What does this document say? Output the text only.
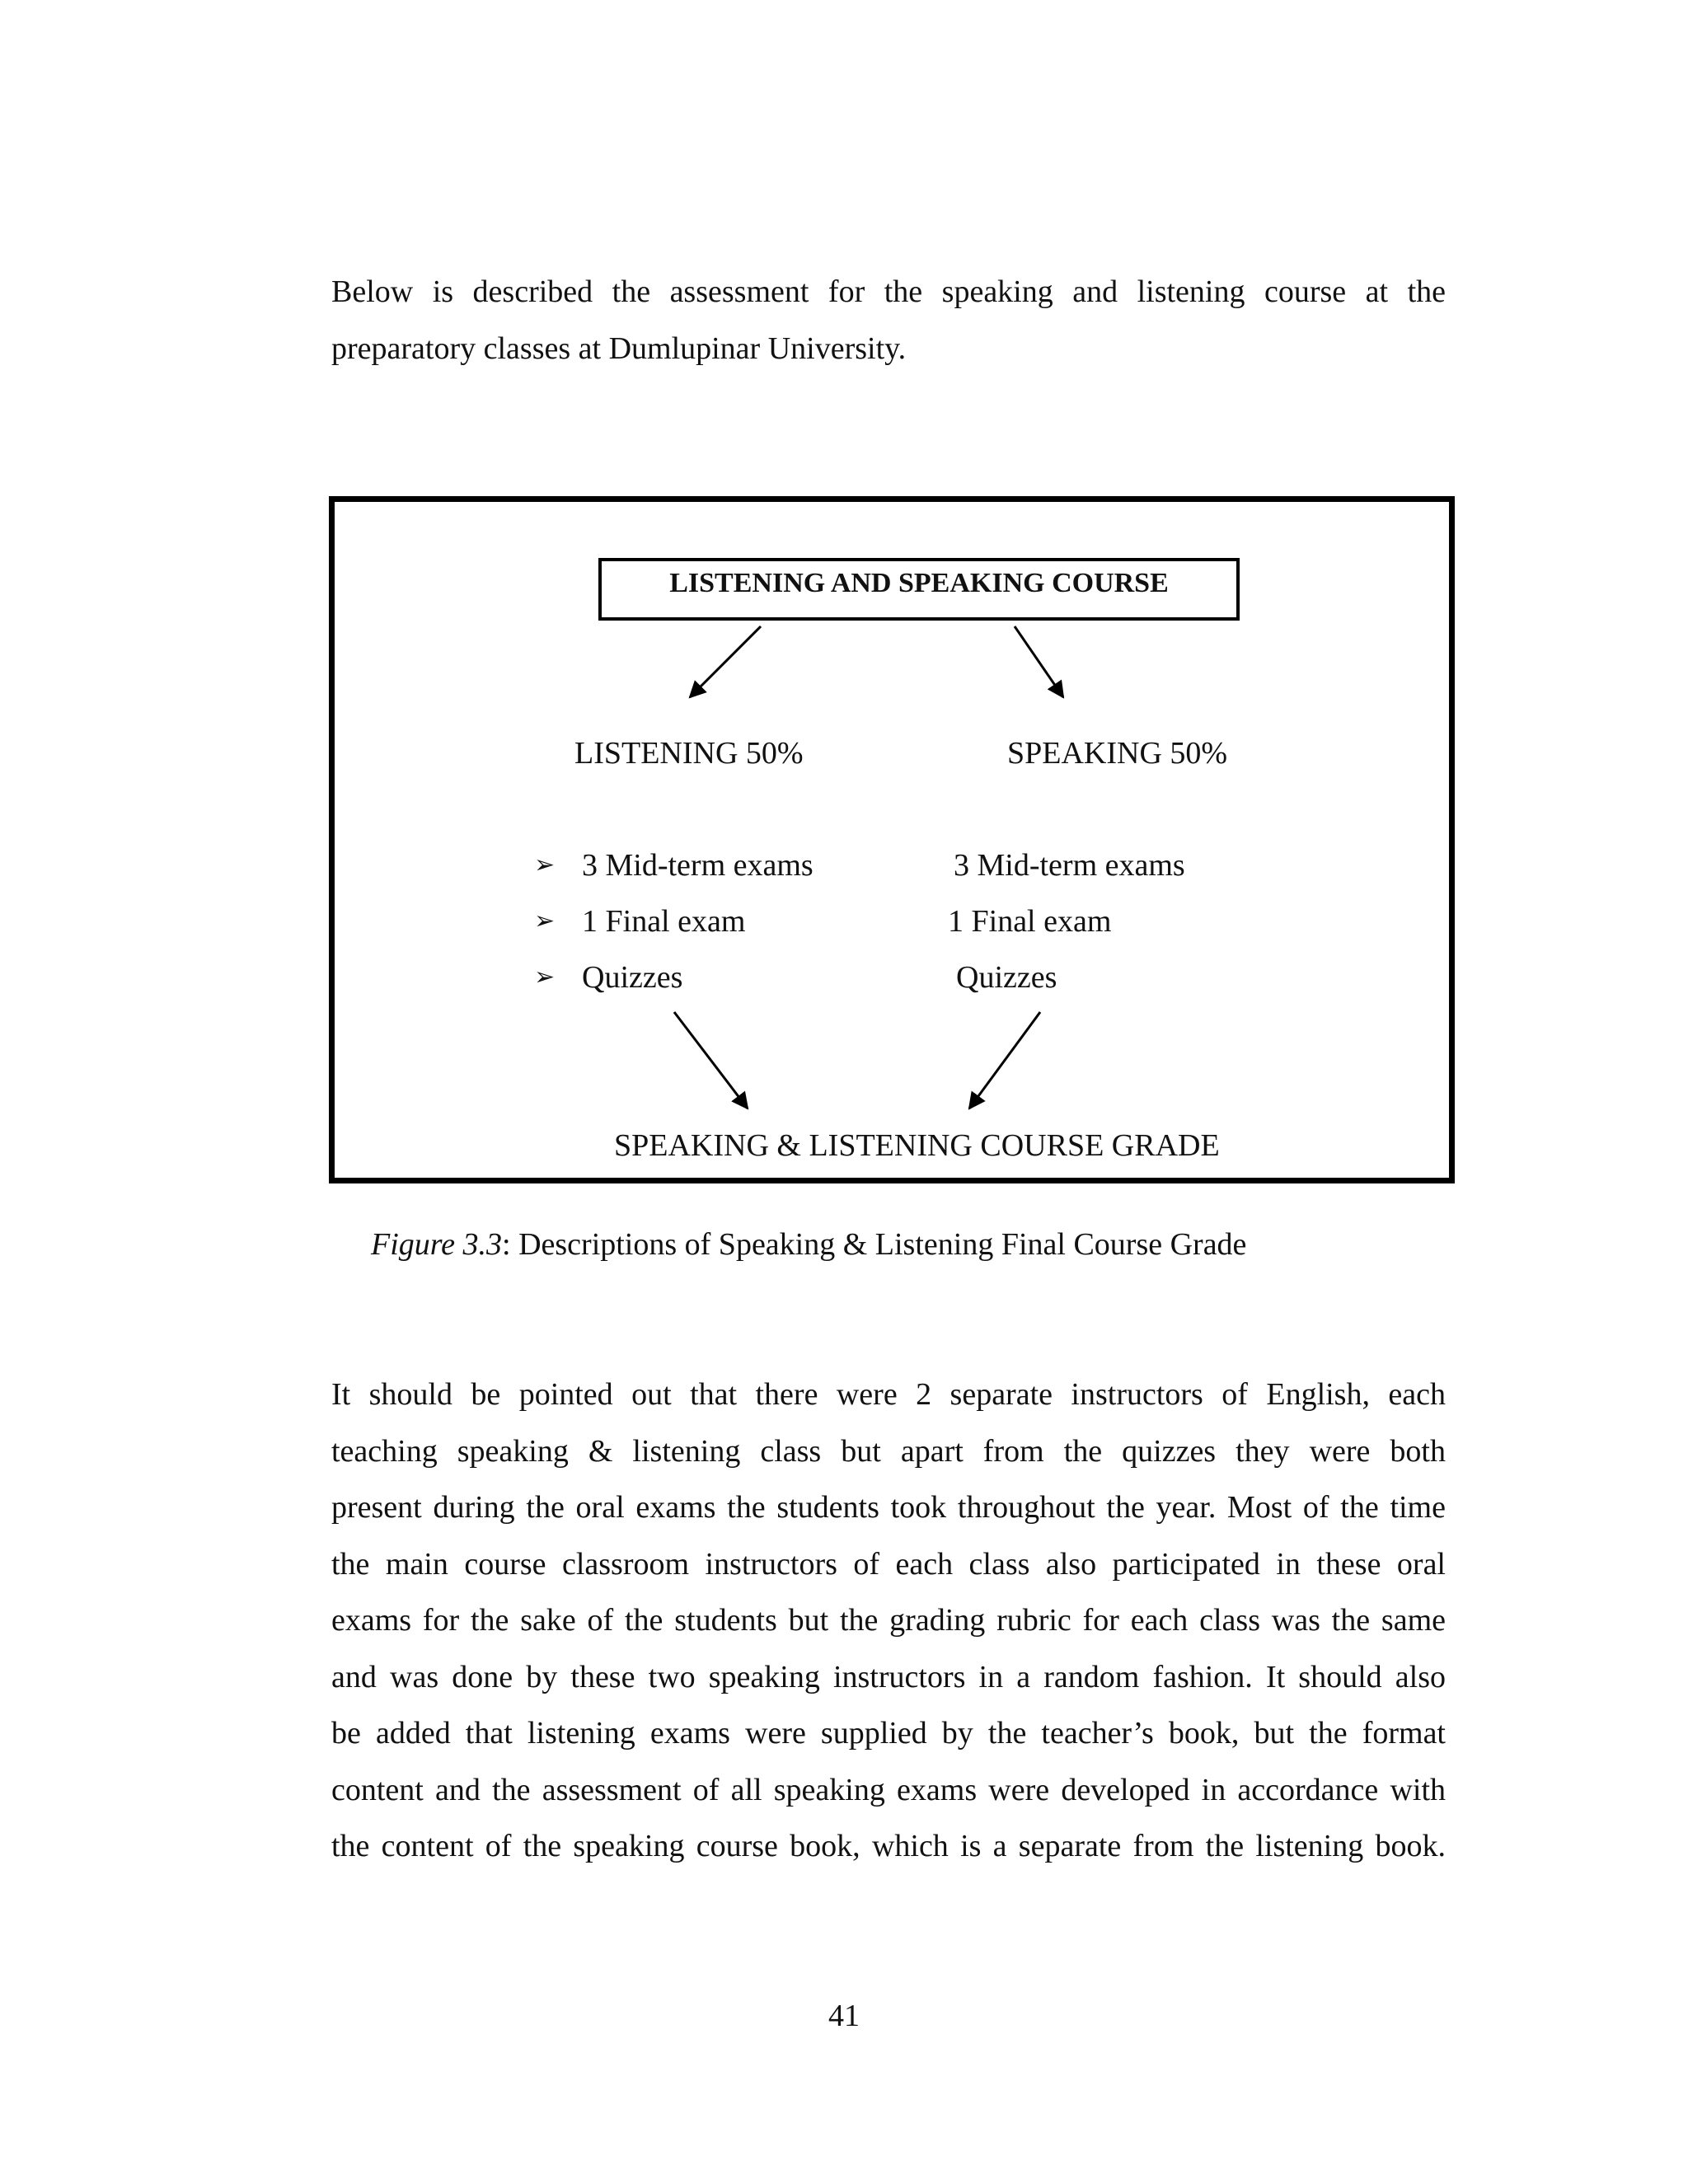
Below is described the assessment for the speaking and listening course at the
preparatory classes at Dumlupinar University.
LISTENING AND SPEAKING COURSE
LISTENING 50%	SPEAKING 50%
➢ 3 Mid-term exams
➢ 1 Final exam
➢ Quizzes
3 Mid-term exams
1 Final exam
Quizzes
SPEAKING & LISTENING COURSE GRADE
Figure 3.3: Descriptions of Speaking & Listening Final Course Grade
It should be pointed out that there were 2 separate instructors of English, each
teaching speaking & listening class but apart from the quizzes they were both
present during the oral exams the students took throughout the year. Most of the time
the main course classroom instructors of each class also participated in these oral
exams for the sake of the students but the grading rubric for each class was the same
and was done by these two speaking instructors in a random fashion. It should also
be added that listening exams were supplied by the teacher’s book, but the format
content and the assessment of all speaking exams were developed in accordance with
the content of the speaking course book, which is a separate from the listening book.
41
